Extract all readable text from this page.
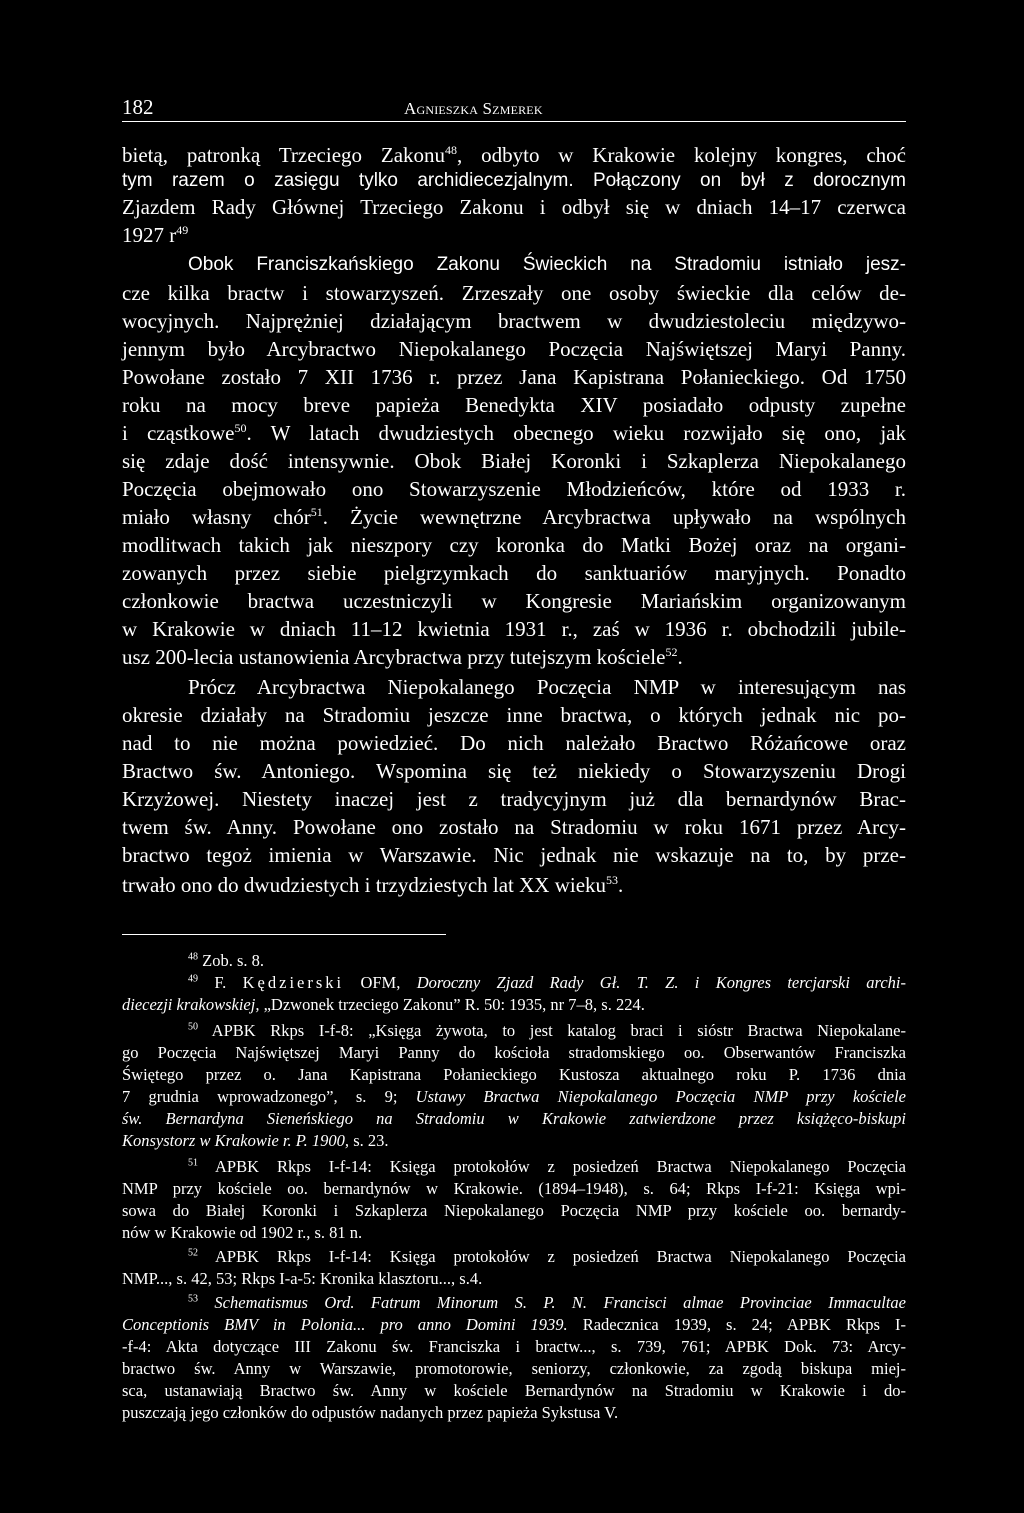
182	Agnieszka Szmerek
bietą, patronką Trzeciego Zakonu$^{48}$, odbyto w Krakowie kolejny kongres, choć
tym razem o zasięgu tylko archidiecezjalnym. Połączony on był z dorocznym
Zjazdem Rady Głównej Trzeciego Zakonu i odbył się w dniach 14–17 czerwca
1927 $r^{49}$
Obok Franciszkańskiego Zakonu Świeckich na Stradomiu istniało jesz-
cze kilka bractw i stowarzyszeń. Zrzeszały one osoby świeckie dla celów de-
wocyjnych. Najprężniej działającym bractwem w dwudziestoleciu międzywo-
jennym było Arcybractwo Niepokalanego Poczęcia Najświętszej Maryi Panny.
Powołane zostało 7 XII 1736 r. przez Jana Kapistrana Połanieckiego. Od 1750
roku na mocy breve papieża Benedykta XIV posiadało odpusty zupełne
i cząstkowe$^{50}$. W latach dwudziestych obecnego wieku rozwijało się ono, jak
się zdaje dość intensywnie. Obok Białej Koronki i Szkaplerza Niepokalanego
Poczęcia obejmowało ono Stowarzyszenie Młodzieńców, które od 1933 r.
miało własny chór$^{51}$. Życie wewnętrzne Arcybractwa upływało na wspólnych
modlitwach takich jak nieszpory czy koronka do Matki Bożej oraz na organi-
zowanych przez siebie pielgrzymkach do sanktuariów maryjnych. Ponadto
członkowie bractwa uczestniczyli w Kongresie Mariańskim organizowanym
w Krakowie w dniach 11–12 kwietnia 1931 r., zaś w 1936 r. obchodzili jubile-
usz 200-lecia ustanowienia Arcybractwa przy tutejszym kościele$^{52}$.
Prócz Arcybractwa Niepokalanego Poczęcia NMP w interesującym nas
okresie działały na Stradomiu jeszcze inne bractwa, o których jednak nic po-
nad to nie można powiedzieć. Do nich należało Bractwo Różańcowe oraz
Bractwo św. Antoniego. Wspomina się też niekiedy o Stowarzyszeniu Drogi
Krzyżowej. Niestety inaczej jest z tradycyjnym już dla bernardynów Brac-
twem św. Anny. Powołane ono zostało na Stradomiu w roku 1671 przez Arcy-
bractwo tegoż imienia w Warszawie. Nic jednak nie wskazuje na to, by prze-
trwało ono do dwudziestych i trzydziestych lat XX wieku$^{53}$.
$^{48}$ Zob. s. 8.
$^{49}$ F. Kędzierski OFM, Doroczny Zjazd Rady Gł. T. Z. i Kongres tercjarski archi-
diecezji krakowskiej, „Dzwonek trzeciego Zakonu” R. 50: 1935, nr 7–8, s. 224.
$^{50}$ APBK Rkps I-f-8: „Księga żywota, to jest katalog braci i sióstr Bractwa Niepokalane-
go Poczęcia Najświętszej Maryi Panny do kościoła stradomskiego oo. Obserwantów Franciszka
Świętego przez o. Jana Kapistrana Połanieckiego Kustosza aktualnego roku P. 1736 dnia
7 grudnia wprowadzonego”, s. 9; Ustawy Bractwa Niepokalanego Poczęcia NMP przy kościele
św. Bernardyna Sieneńskiego na Stradomiu w Krakowie zatwierdzone przez książęco-biskupi
Konsystorz w Krakowie r. P. 1900, s. 23.
$^{51}$ APBK Rkps I-f-14: Księga protokołów z posiedzeń Bractwa Niepokalanego Poczęcia
NMP przy kościele oo. bernardynów w Krakowie. (1894–1948), s. 64; Rkps I-f-21: Księga wpi-
sowa do Białej Koronki i Szkaplerza Niepokalanego Poczęcia NMP przy kościele oo. bernardy-
nów w Krakowie od 1902 r., s. 81 n.
$^{52}$ APBK Rkps I-f-14: Księga protokołów z posiedzeń Bractwa Niepokalanego Poczęcia
NMP..., s. 42, 53; Rkps I-a-5: Kronika klasztoru..., s.4.
$^{53}$ Schematismus Ord. Fatrum Minorum S. P. N. Francisci almae Provinciae Immacultae
Conceptionis BMV in Polonia... pro anno Domini 1939. Radecznica 1939, s. 24; APBK Rkps I-
-f-4: Akta dotyczące III Zakonu św. Franciszka i bractw..., s. 739, 761; APBK Dok. 73: Arcy-
bractwo św. Anny w Warszawie, promotorowie, seniorzy, członkowie, za zgodą biskupa miej-
sca, ustanawiają Bractwo św. Anny w kościele Bernardynów na Stradomiu w Krakowie i do-
puszczają jego członków do odpustów nadanych przez papieża Sykstusa V.
